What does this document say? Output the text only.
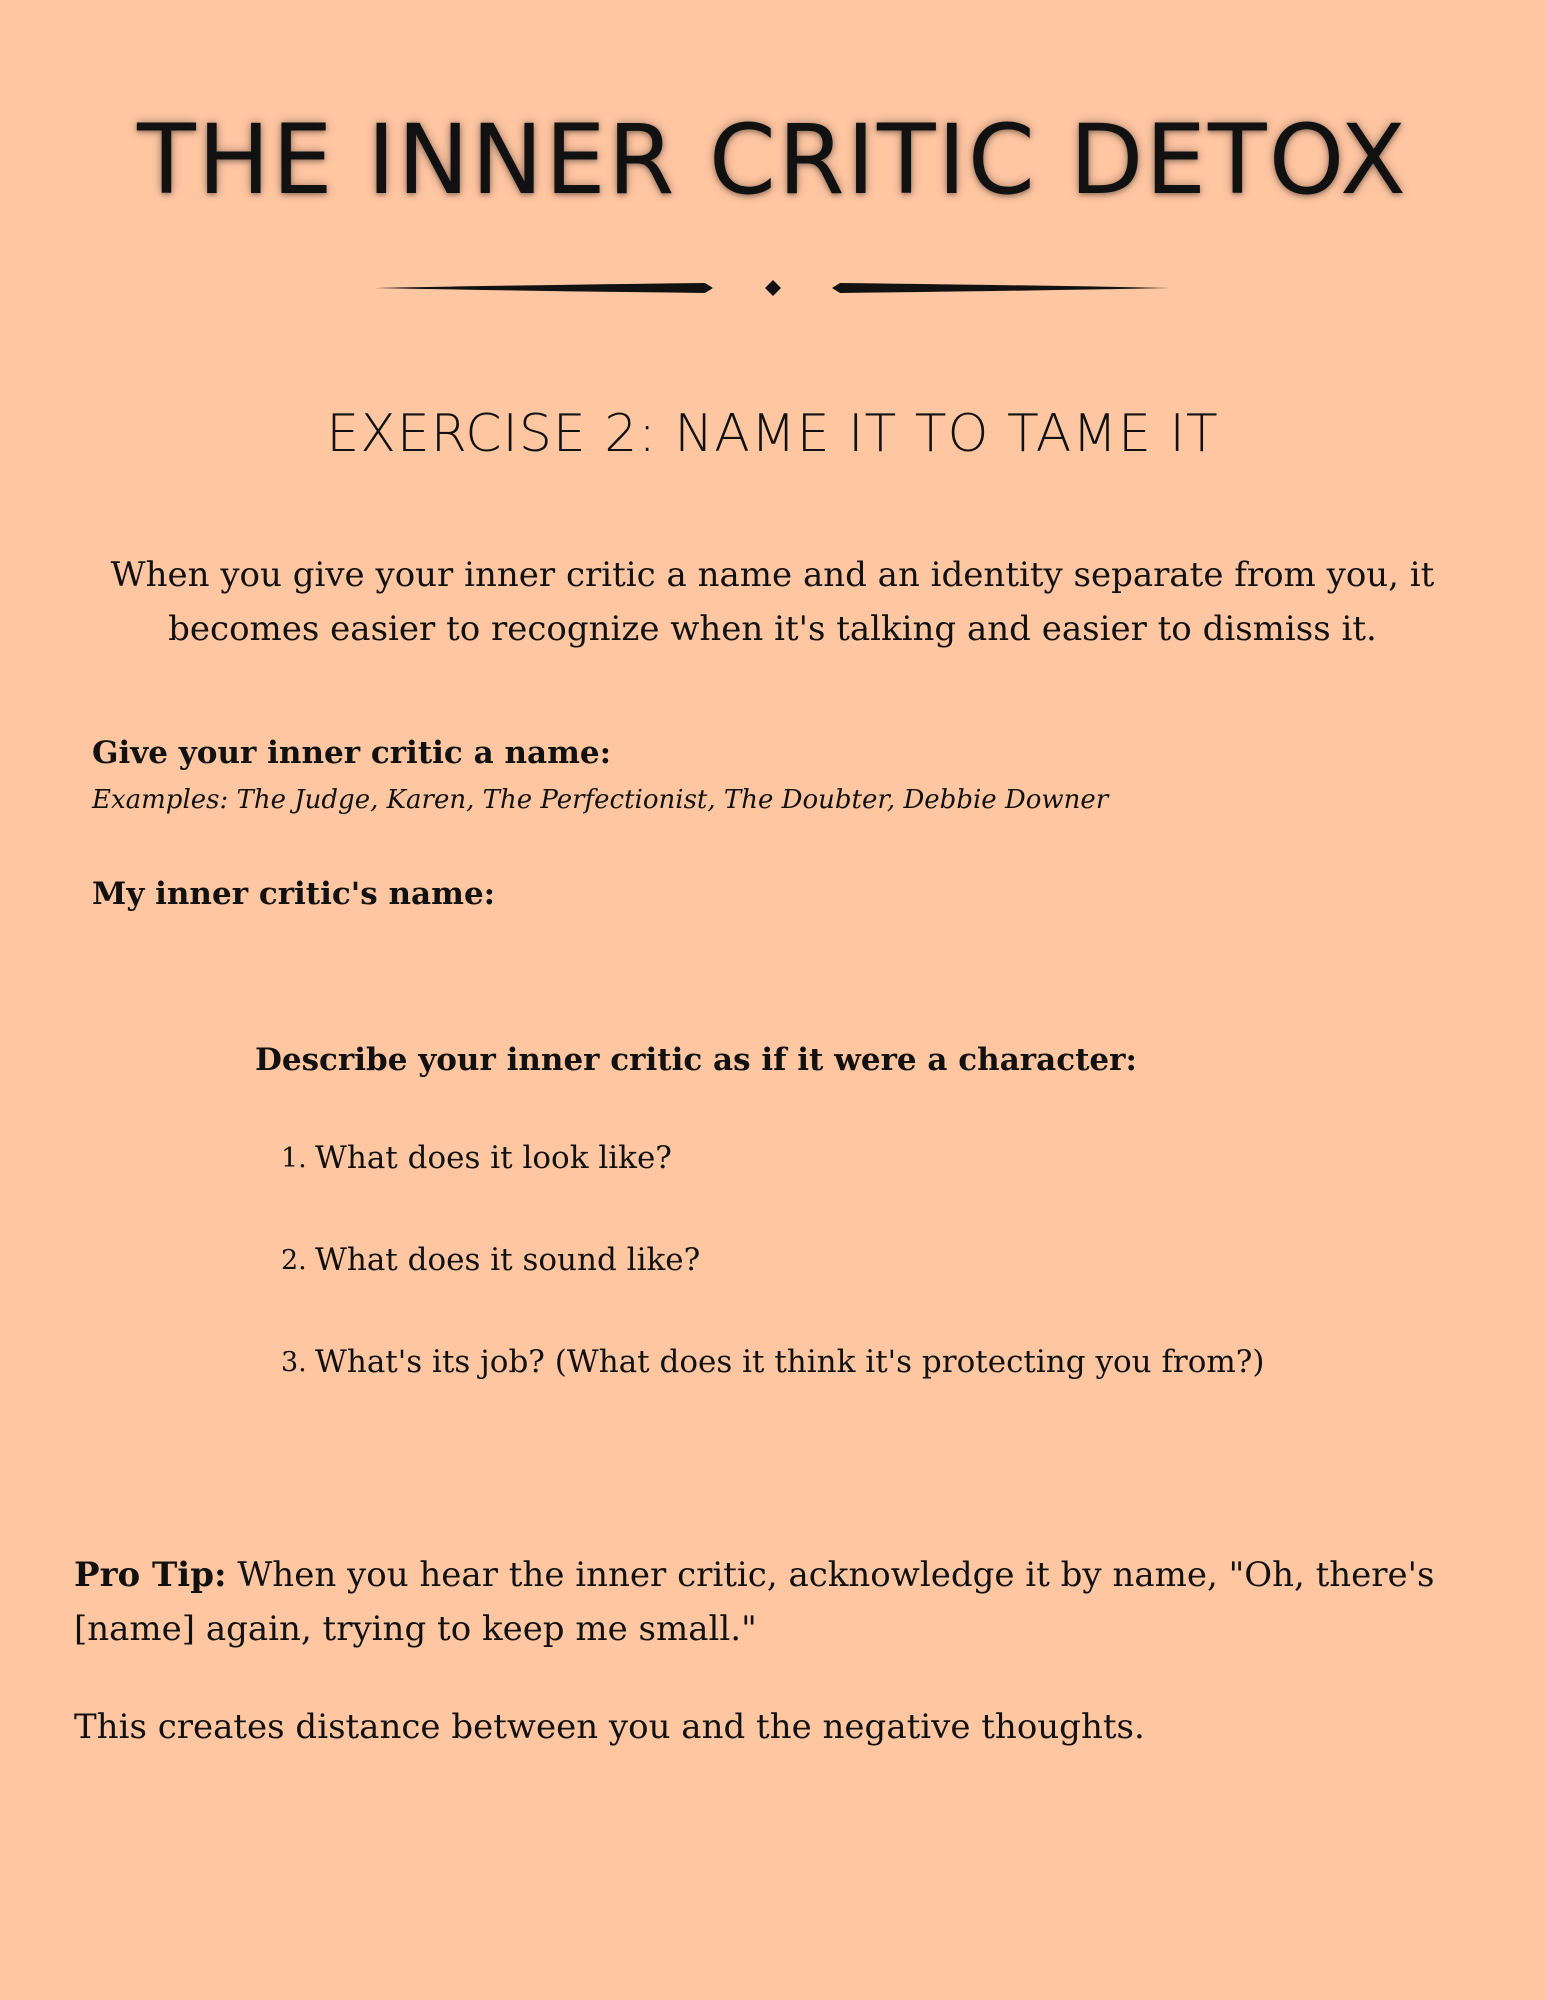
THE INNER CRITIC DETOX
EXERCISE 2: NAME IT TO TAME IT

When you give your inner critic a name and an identity separate from you, it becomes easier to recognize when it's talking and easier to dismiss it.

Give your inner critic a name:
Examples: The Judge, Karen, The Perfectionist, The Doubter, Debbie Downer
My inner critic's name:
Describe your inner critic as if it were a character:
1. What does it look like?
2. What does it sound like?
3. What's its job? (What does it think it's protecting you from?)

Pro Tip: When you hear the inner critic, acknowledge it by name, "Oh, there's [name] again, trying to keep me small."

This creates distance between you and the negative thoughts.
